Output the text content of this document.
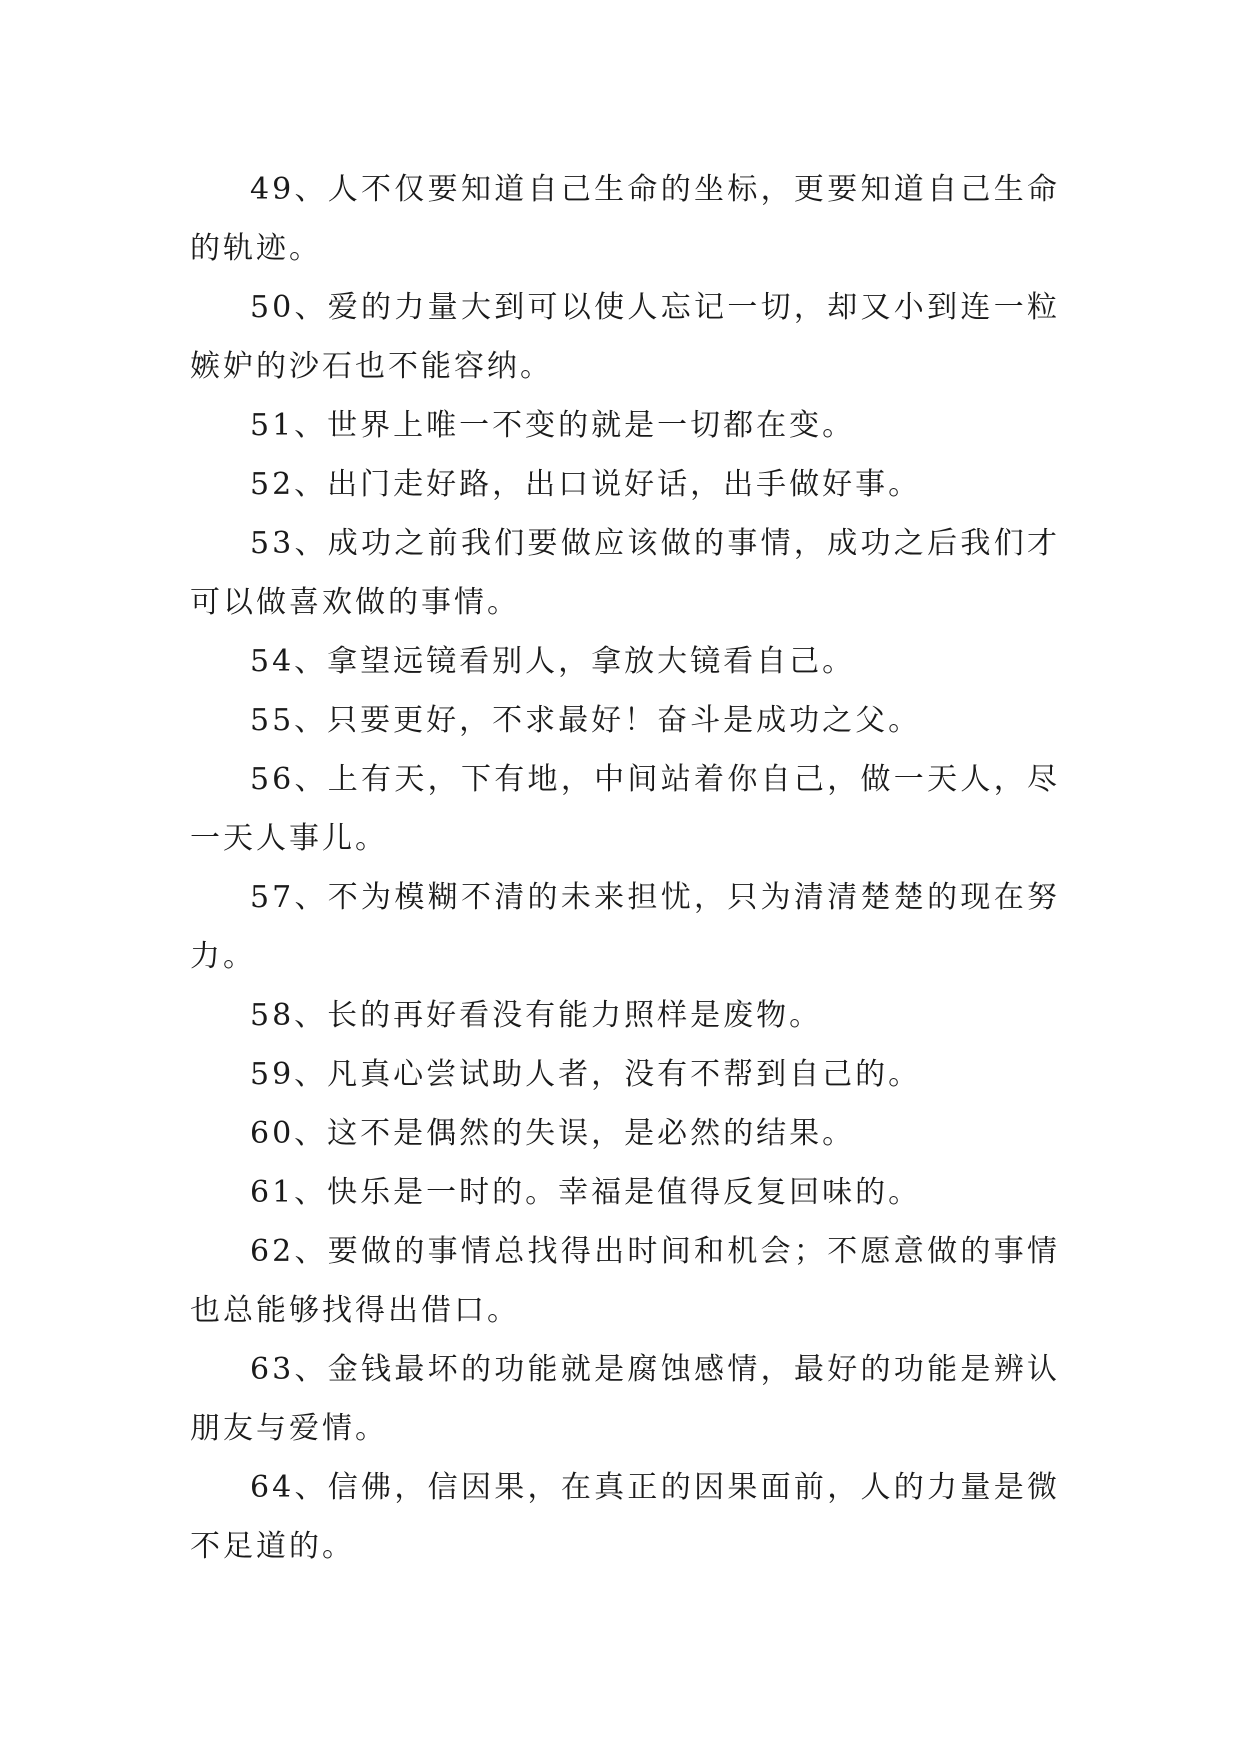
49、人不仅要知道自己生命的坐标，更要知道自己生命的轨迹。

50、爱的力量大到可以使人忘记一切，却又小到连一粒嫉妒的沙石也不能容纳。

51、世界上唯一不变的就是一切都在变。

52、出门走好路，出口说好话，出手做好事。

53、成功之前我们要做应该做的事情，成功之后我们才可以做喜欢做的事情。

54、拿望远镜看别人，拿放大镜看自己。

55、只要更好，不求最好！奋斗是成功之父。

56、上有天，下有地，中间站着你自己，做一天人，尽一天人事儿。

57、不为模糊不清的未来担忧，只为清清楚楚的现在努力。

58、长的再好看没有能力照样是废物。

59、凡真心尝试助人者，没有不帮到自己的。

60、这不是偶然的失误，是必然的结果。

61、快乐是一时的。幸福是值得反复回味的。

62、要做的事情总找得出时间和机会；不愿意做的事情也总能够找得出借口。

63、金钱最坏的功能就是腐蚀感情，最好的功能是辨认朋友与爱情。

64、信佛，信因果，在真正的因果面前，人的力量是微不足道的。
